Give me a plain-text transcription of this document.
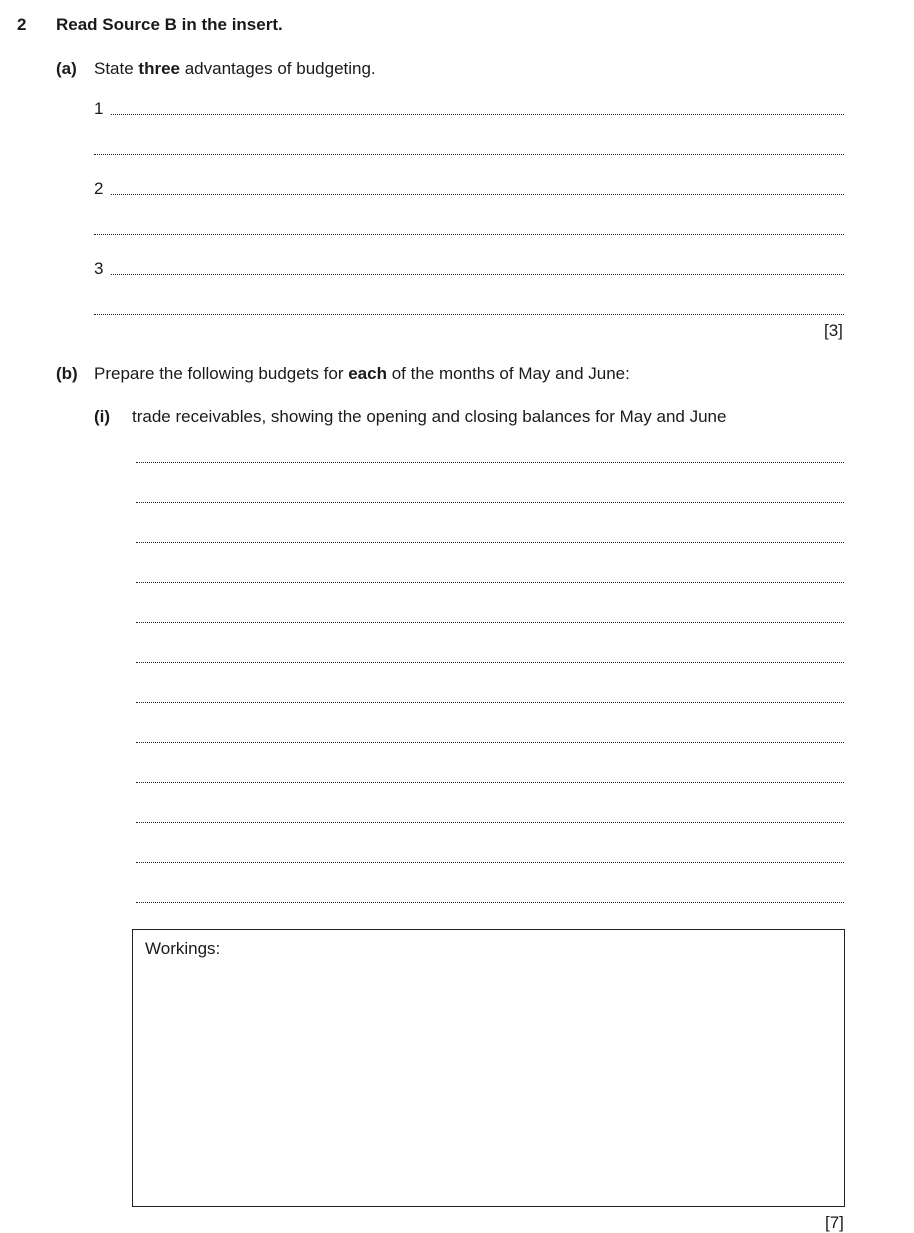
2 Read Source B in the insert.
(a) State three advantages of budgeting.
1
2
3
[3]
(b) Prepare the following budgets for each of the months of May and June:
(i) trade receivables, showing the opening and closing balances for May and June
Workings:
[7]
